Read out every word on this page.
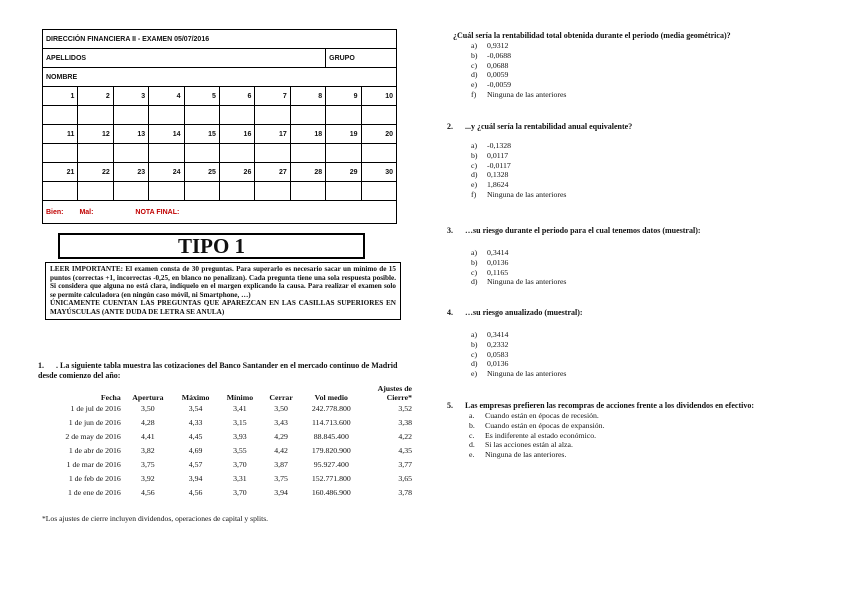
DIRECCIÓN FINANCIERA II - EXAMEN 05/07/2016									
APELLIDOS								GRUPO	
NOMBRE									
1	2	3	4	5	6	7	8	9	10

11	12	13	14	15	16	17	18	19	20

21	22	23	24	25	26	27	28	29	30

Bien: Mal: NOTA FINAL:									
TIPO 1

LEER IMPORTANTE: El examen consta de 30 preguntas. Para superarlo es necesario sacar un mínimo de 15 puntos (correctas +1, incorrectas -0,25, en blanco no penalizan). Cada pregunta tiene una sola respuesta posible. Si considera que alguna no está clara, indíquelo en el margen explicando la causa. Para realizar el examen solo se permite calculadora (en ningún caso móvil, ni Smartphone, …)

ÚNICAMENTE CUENTAN LAS PREGUNTAS QUE APAREZCAN EN LAS CASILLAS SUPERIORES EN MAYÚSCULAS (ANTE DUDA DE LETRA SE ANULA)

1. . La siguiente tabla muestra las cotizaciones del Banco Santander en el mercado continuo de Madrid desde comienzo del año:
Fecha	Apertura	Máximo	Mínimo	Cerrar	Vol medio	Ajustes de Cierre*
1 de jul de 2016	3,50	3,54	3,41	3,50	242.778.800	3,52
1 de jun de 2016	4,28	4,33	3,15	3,43	114.713.600	3,38
2 de may de 2016	4,41	4,45	3,93	4,29	88.845.400	4,22
1 de abr de 2016	3,82	4,69	3,55	4,42	179.820.900	4,35
1 de mar de 2016	3,75	4,57	3,70	3,87	95.927.400	3,77
1 de feb de 2016	3,92	3,94	3,31	3,75	152.771.800	3,65
1 de ene de 2016	4,56	4,56	3,70	3,94	160.486.900	3,78
*Los ajustes de cierre incluyen dividendos, operaciones de capital y splits.
¿Cuál sería la rentabilidad total obtenida durante el periodo (media geométrica)?
a) 0,9312
b) -0,0688
c) 0,0688
d) 0,0059
e) -0,0059
f) Ninguna de las anteriores
2. ...y ¿cuál sería la rentabilidad anual equivalente?
a) -0,1328
b) 0,0117
c) -0,0117
d) 0,1328
e) 1,8624
f) Ninguna de las anteriores
3. …su riesgo durante el periodo para el cual tenemos datos (muestral):
a) 0,3414
b) 0,0136
c) 0,1165
d) Ninguna de las anteriores
4. …su riesgo anualizado (muestral):
a) 0,3414
b) 0,2332
c) 0,0583
d) 0,0136
e) Ninguna de las anteriores
5.	Las empresas prefieren las recompras de acciones frente a los dividendos en efectivo:
a. Cuando están en épocas de recesión.
b. Cuando están en épocas de expansión.
c. Es indiferente al estado económico.
d. Si las acciones están al alza.
e. Ninguna de las anteriores.
